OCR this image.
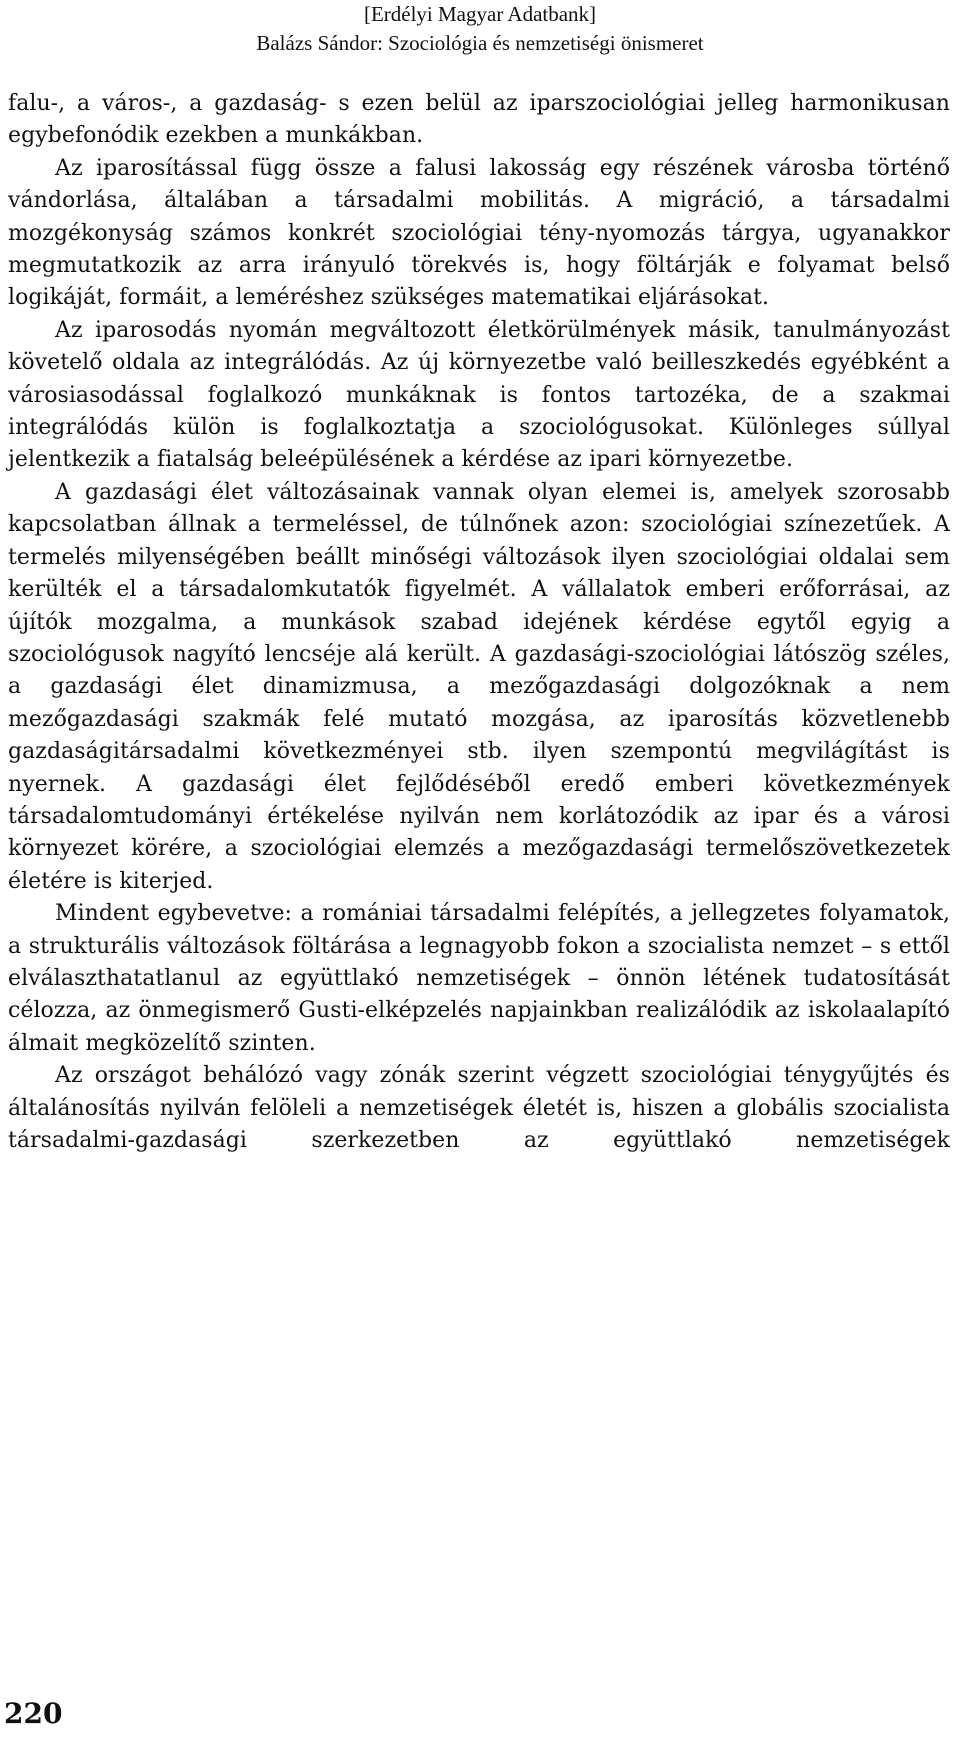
[Erdélyi Magyar Adatbank]
Balázs Sándor: Szociológia és nemzetiségi önismeret

falu-, a város-, a gazdaság- s ezen belül az iparszociológiai jelleg harmonikusan egybefonódik ezekben a munkákban.

Az iparosítással függ össze a falusi lakosság egy részének városba történő vándorlása, általában a társadalmi mobilitás. A migráció, a társadalmi mozgékonyság számos konkrét szociológiai tény-nyomozás tárgya, ugyanakkor megmutatkozik az arra irányuló törekvés is, hogy föltárják e folyamat belső logikáját, formáit, a leméréshez szükséges matematikai eljárásokat.

Az iparosodás nyomán megváltozott életkörülmények másik, tanulmányozást követelő oldala az integrálódás. Az új környezetbe való beilleszkedés egyébként a városiasodással foglalkozó munkáknak is fontos tartozéka, de a szakmai integrálódás külön is foglalkoztatja a szociológusokat. Különleges súllyal jelentkezik a fiatalság beleépülésének a kérdése az ipari környezetbe.

A gazdasági élet változásainak vannak olyan elemei is, amelyek szorosabb kapcsolatban állnak a termeléssel, de túlnőnek azon: szociológiai színezetűek. A termelés milyenségében beállt minőségi változások ilyen szociológiai oldalai sem kerülték el a társadalomkutatók figyelmét. A vállalatok emberi erőforrásai, az újítók mozgalma, a munkások szabad idejének kérdése egytől egyig a szociológusok nagyító lencséje alá került. A gazdasági-szociológiai látószög széles, a gazdasági élet dinamizmusa, a mezőgazdasági dolgozóknak a nem mezőgazdasági szakmák felé mutató mozgása, az iparosítás közvetlenebb gazdaságitársadalmi következményei stb. ilyen szempontú megvilágítást is nyernek. A gazdasági élet fejlődéséből eredő emberi következmények társadalomtudományi értékelése nyilván nem korlátozódik az ipar és a városi környezet körére, a szociológiai elemzés a mezőgazdasági termelőszövetkezetek életére is kiterjed.

Mindent egybevetve: a romániai társadalmi felépítés, a jellegzetes folyamatok, a strukturális változások föltárása a legnagyobb fokon a szocialista nemzet – s ettől elválaszthatatlanul az együttlakó nemzetiségek – önnön létének tudatosítását célozza, az önmegismerő Gusti-elképzelés napjainkban realizálódik az iskolaalapító álmait megközelítő szinten.

Az országot behálózó vagy zónák szerint végzett szociológiai ténygyűjtés és általánosítás nyilván felöleli a nemzetiségek életét is, hiszen a globális szocialista társadalmi-gazdasági szerkezetben az együttlakó nemzetiségek

220
